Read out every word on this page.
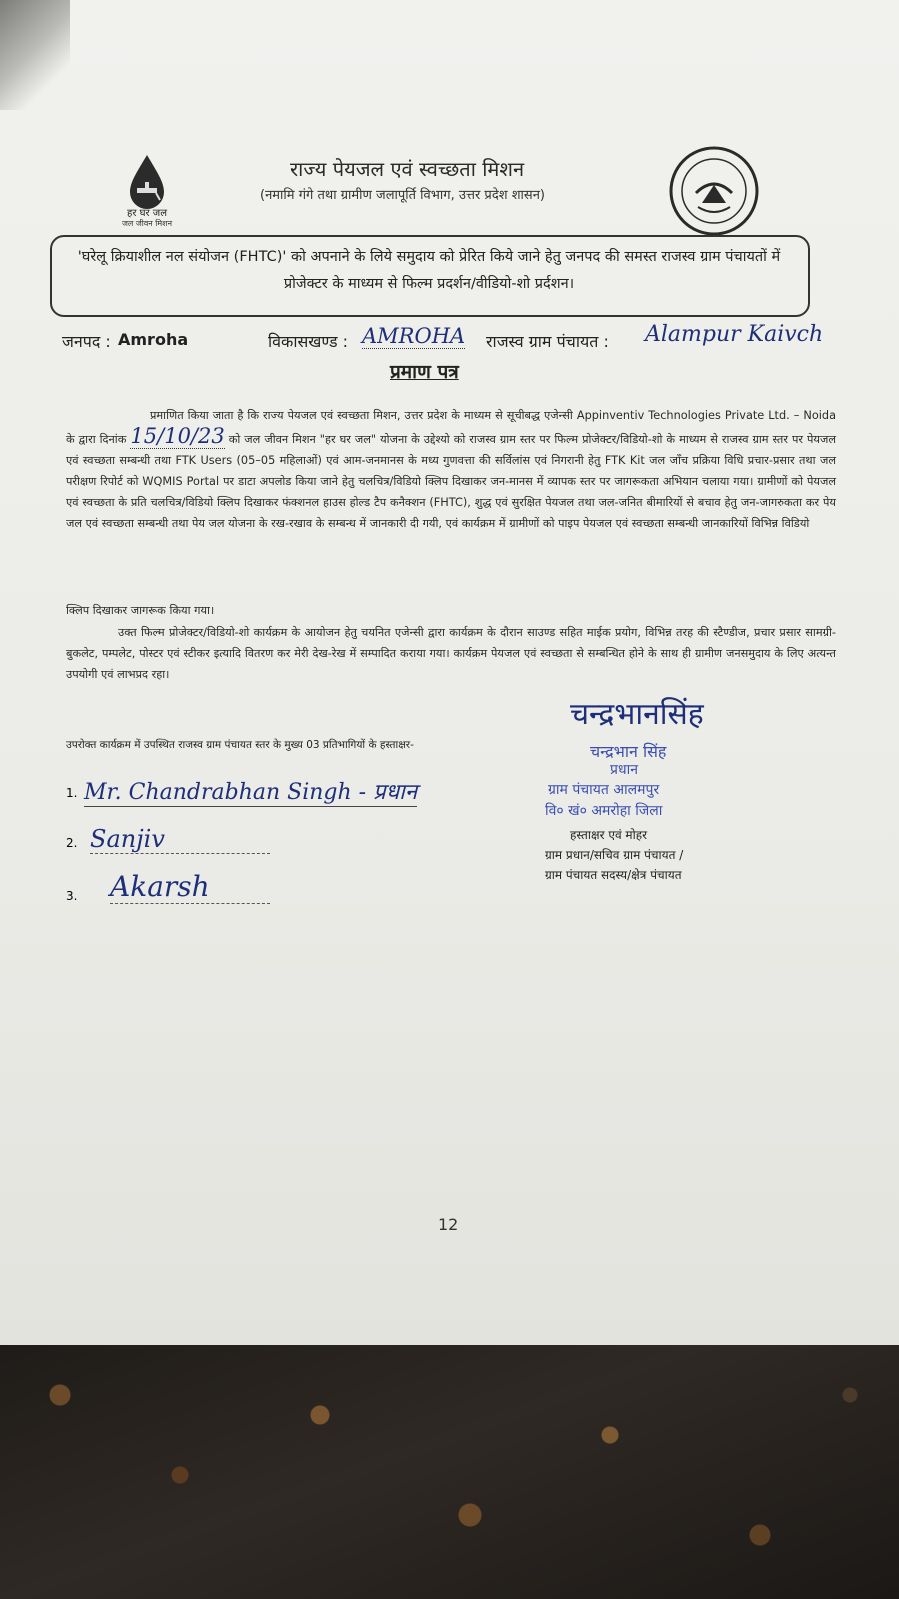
हर घर जल
जल जीवन मिशन
राज्य पेयजल एवं स्वच्छता मिशन
(नमामि गंगे तथा ग्रामीण जलापूर्ति विभाग, उत्तर प्रदेश शासन)
'घरेलू क्रियाशील नल संयोजन (FHTC)' को अपनाने के लिये समुदाय को प्रेरित किये जाने हेतु जनपद की समस्त राजस्व ग्राम पंचायतों में प्रोजेक्टर के माध्यम से फिल्म प्रदर्शन/वीडियो-शो प्रर्दशन।
जनपद : Amroha	विकासखण्ड : AMROHA राजस्व ग्राम पंचायत : Alampur Kaivch
प्रमाण पत्र
प्रमाणित किया जाता है कि राज्य पेयजल एवं स्वच्छता मिशन, उत्तर प्रदेश के माध्यम से सूचीबद्ध एजेन्सी Appinventiv Technologies Private Ltd. – Noida के द्वारा दिनांक 15/10/23 को जल जीवन मिशन "हर घर जल" योजना के उद्देश्यो को राजस्व ग्राम स्तर पर फिल्म प्रोजेक्टर/विडियो-शो के माध्यम से राजस्व ग्राम स्तर पर पेयजल एवं स्वच्छता सम्बन्धी तथा FTK Users (05–05 महिलाओं) एवं आम-जनमानस के मध्य गुणवत्ता की सर्विलांस एवं निगरानी हेतु FTK Kit जल जाँच प्रक्रिया विधि प्रचार-प्रसार तथा जल परीक्षण रिपोर्ट को WQMIS Portal पर डाटा अपलोड किया जाने हेतु चलचित्र/विडियो क्लिप दिखाकर जन-मानस में व्यापक स्तर पर जागरूकता अभियान चलाया गया। ग्रामीणों को पेयजल एवं स्वच्छता के प्रति चलचित्र/विडियो क्लिप दिखाकर फंक्शनल हाउस होल्ड टैप कनैक्शन (FHTC), शुद्ध एवं सुरक्षित पेयजल तथा जल-जनित बीमारियों से बचाव हेतु जन-जागरुकता कर पेय जल एवं स्वच्छता सम्बन्धी तथा पेय जल योजना के रख-रखाव के सम्बन्ध में जानकारी दी गयी, एवं कार्यक्रम में ग्रामीणों को पाइप पेयजल एवं स्वच्छता सम्बन्धी जानकारियों विभिन्न विडियो
क्लिप दिखाकर जागरूक किया गया।
उक्त फिल्म प्रोजेक्टर/विडियो-शो कार्यक्रम के आयोजन हेतु चयनित एजेन्सी द्वारा कार्यक्रम के दौरान साउण्ड सहित माईक प्रयोग, विभिन्न तरह की स्टैण्डीज, प्रचार प्रसार सामग्री-बुकलेट, पम्पलेट, पोस्टर एवं स्टीकर इत्यादि वितरण कर मेरी देख-रेख में सम्पादित कराया गया। कार्यक्रम पेयजल एवं स्वच्छता से सम्बन्धित होने के साथ ही ग्रामीण जनसमुदाय के लिए अत्यन्त उपयोगी एवं लाभप्रद रहा।
उपरोक्त कार्यक्रम में उपस्थित राजस्व ग्राम पंचायत स्तर के मुख्य 03 प्रतिभागियों के हस्ताक्षर-
1. Mr. Chandrabhan Singh - प्रधान
2. Sanjiv
3. Akarsh
चन्द्रभानसिंह
चन्द्रभान सिंह
प्रधान
ग्राम पंचायत आलमपुर
वि० खं० अमरोहा जिला
हस्ताक्षर एवं मोहर
ग्राम प्रधान/सचिव ग्राम पंचायत /
ग्राम पंचायत सदस्य/क्षेत्र पंचायत
12
